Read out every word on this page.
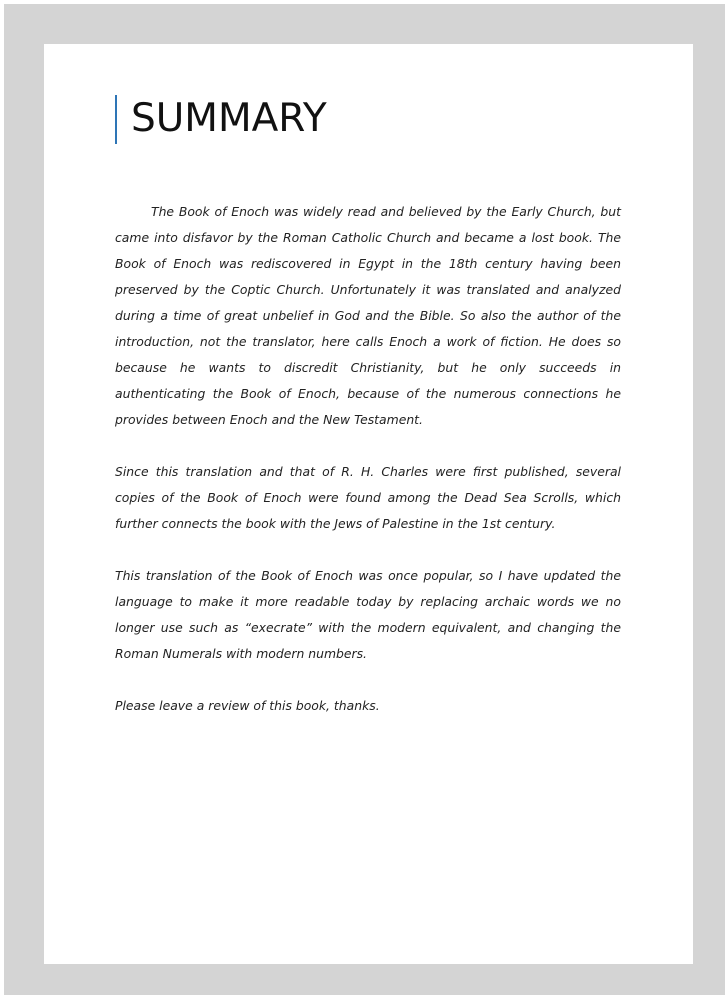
SUMMARY

The Book of Enoch was widely read and believed by the Early Church, but came into disfavor by the Roman Catholic Church and became a lost book. The Book of Enoch was rediscovered in Egypt in the 18th century having been preserved by the Coptic Church. Unfortunately it was translated and analyzed during a time of great unbelief in God and the Bible. So also the author of the introduction, not the translator, here calls Enoch a work of fiction. He does so because he wants to discredit Christianity, but he only succeeds in authenticating the Book of Enoch, because of the numerous connections he provides between Enoch and the New Testament.

Since this translation and that of R. H. Charles were first published, several copies of the Book of Enoch were found among the Dead Sea Scrolls, which further connects the book with the Jews of Palestine in the 1st century.

This translation of the Book of Enoch was once popular, so I have updated the language to make it more readable today by replacing archaic words we no longer use such as “execrate” with the modern equivalent, and changing the Roman Numerals with modern numbers.

Please leave a review of this book, thanks.
